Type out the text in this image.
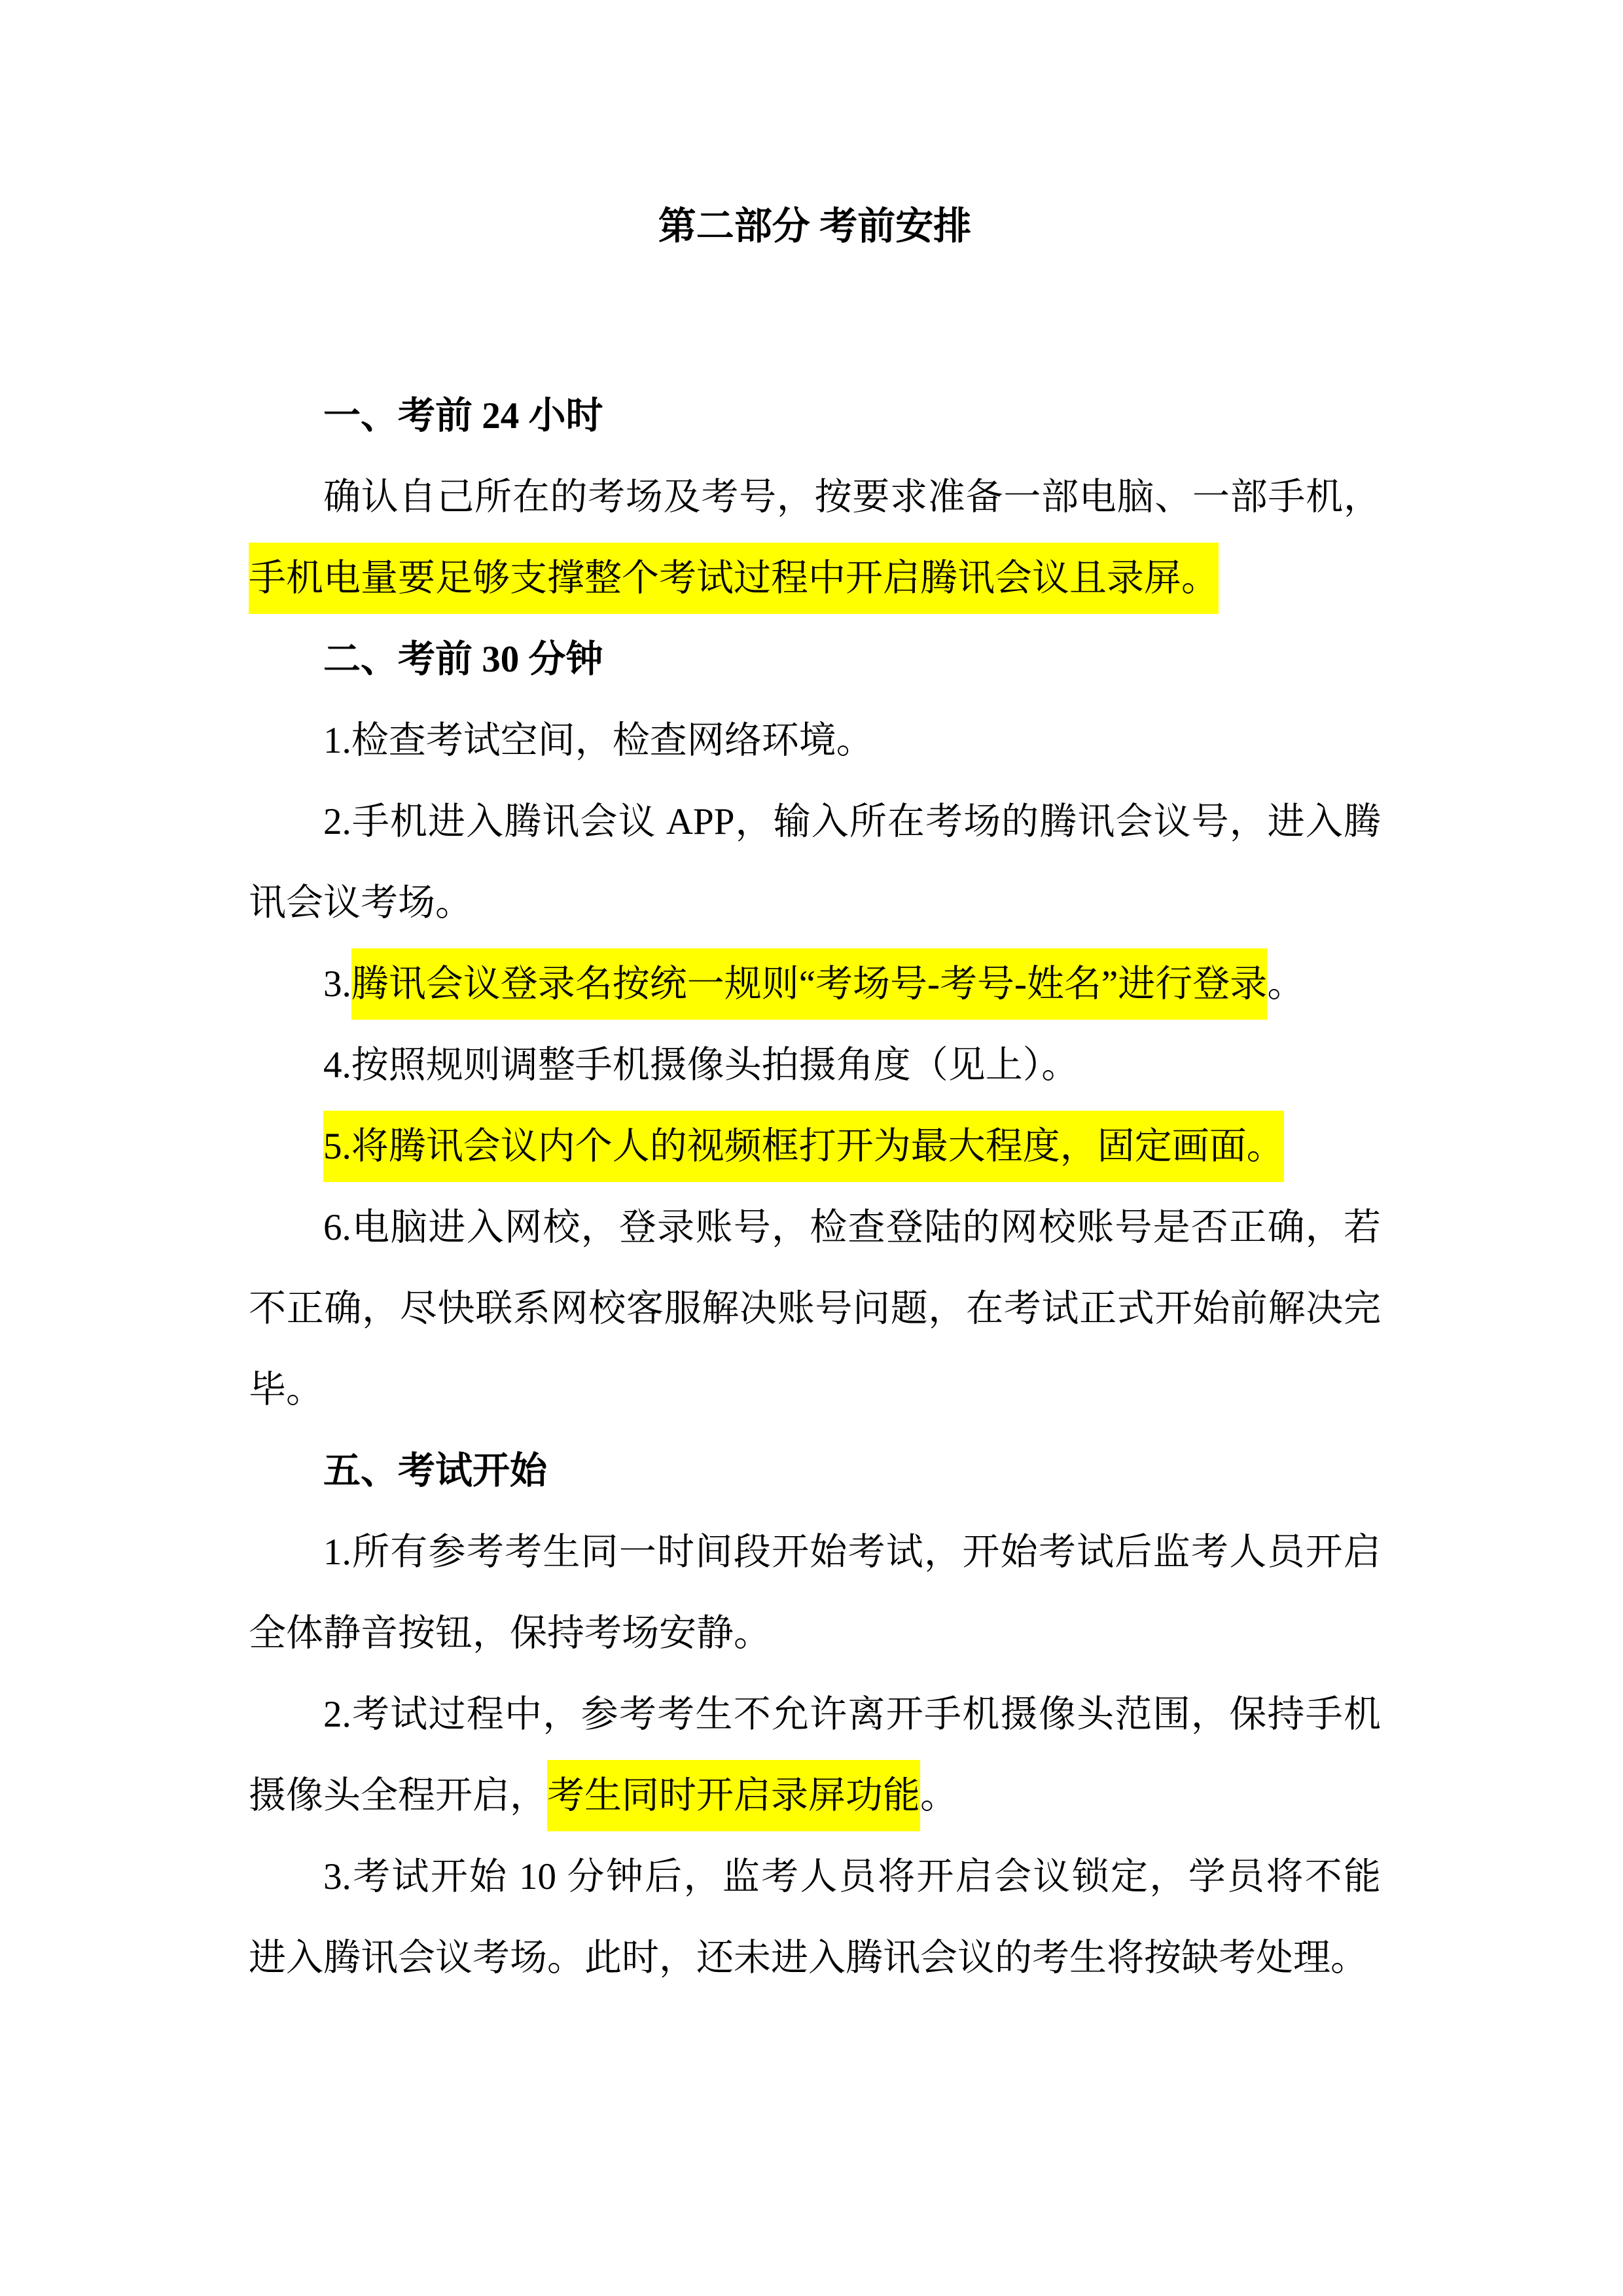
第二部分 考前安排
一、考前 24 小时
确认自己所在的考场及考号，按要求准备一部电脑、一部手机，
手机电量要足够支撑整个考试过程中开启腾讯会议且录屏。
二、考前 30 分钟
1.检查考试空间，检查网络环境。
2.手机进入腾讯会议 APP，输入所在考场的腾讯会议号，进入腾
讯会议考场。
3.腾讯会议登录名按统一规则“考场号-考号-姓名”进行登录。
4.按照规则调整手机摄像头拍摄角度（见上）。
5.将腾讯会议内个人的视频框打开为最大程度，固定画面。
6.电脑进入网校，登录账号，检查登陆的网校账号是否正确，若
不正确，尽快联系网校客服解决账号问题，在考试正式开始前解决完
毕。
五、考试开始
1.所有参考考生同一时间段开始考试，开始考试后监考人员开启
全体静音按钮，保持考场安静。
2.考试过程中，参考考生不允许离开手机摄像头范围，保持手机
摄像头全程开启，考生同时开启录屏功能。
3.考试开始 10 分钟后，监考人员将开启会议锁定，学员将不能
进入腾讯会议考场。此时，还未进入腾讯会议的考生将按缺考处理。
